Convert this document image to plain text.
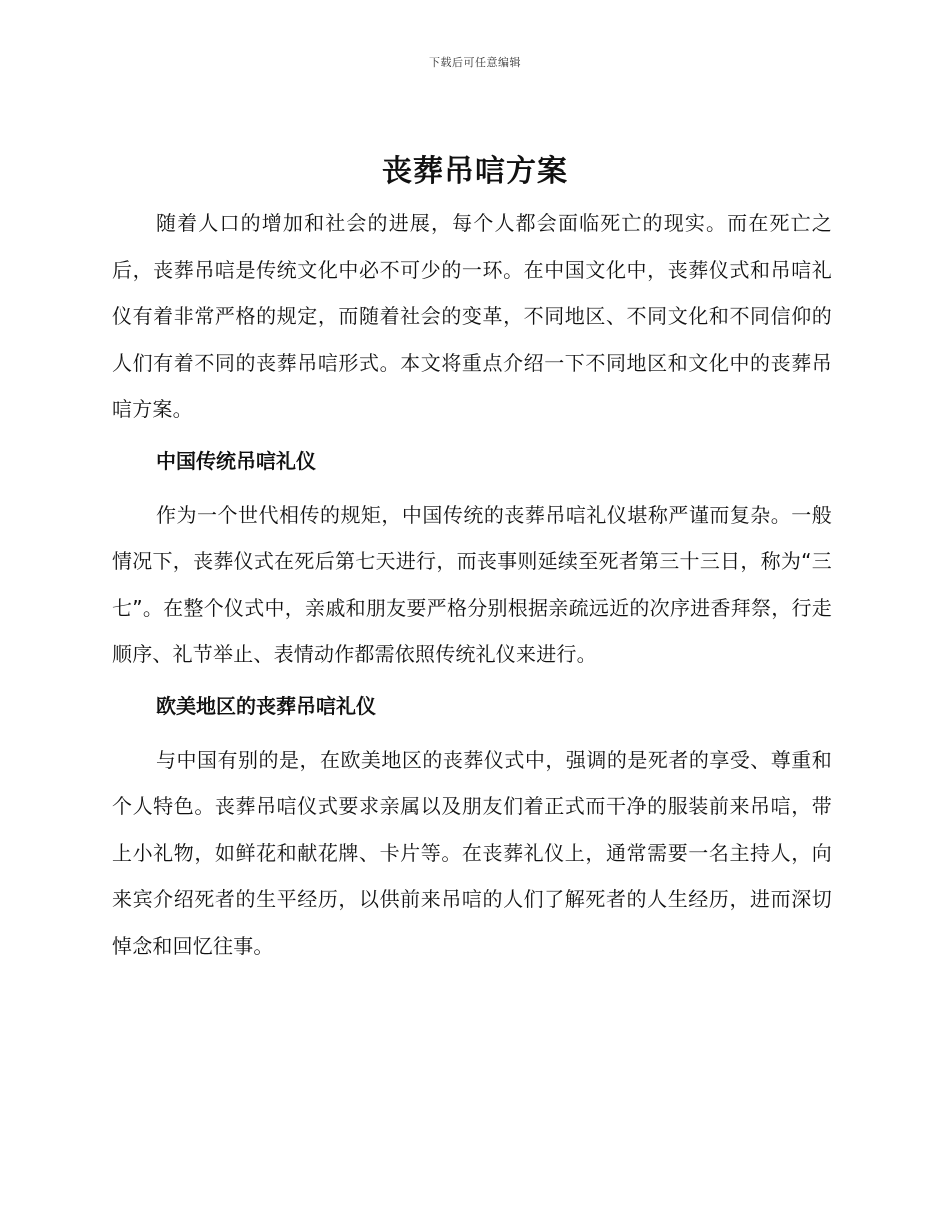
下载后可任意编辑
丧葬吊唁方案

随着人口的增加和社会的进展，每个人都会面临死亡的现实。而在死亡之后，丧葬吊唁是传统文化中必不可少的一环。在中国文化中，丧葬仪式和吊唁礼仪有着非常严格的规定，而随着社会的变革，不同地区、不同文化和不同信仰的人们有着不同的丧葬吊唁形式。本文将重点介绍一下不同地区和文化中的丧葬吊唁方案。

中国传统吊唁礼仪

作为一个世代相传的规矩，中国传统的丧葬吊唁礼仪堪称严谨而复杂。一般情况下，丧葬仪式在死后第七天进行，而丧事则延续至死者第三十三日，称为“三七”。在整个仪式中，亲戚和朋友要严格分别根据亲疏远近的次序进香拜祭，行走顺序、礼节举止、表情动作都需依照传统礼仪来进行。

欧美地区的丧葬吊唁礼仪

与中国有别的是，在欧美地区的丧葬仪式中，强调的是死者的享受、尊重和个人特色。丧葬吊唁仪式要求亲属以及朋友们着正式而干净的服装前来吊唁，带上小礼物，如鲜花和献花牌、卡片等。在丧葬礼仪上，通常需要一名主持人，向来宾介绍死者的生平经历，以供前来吊唁的人们了解死者的人生经历，进而深切悼念和回忆往事。
